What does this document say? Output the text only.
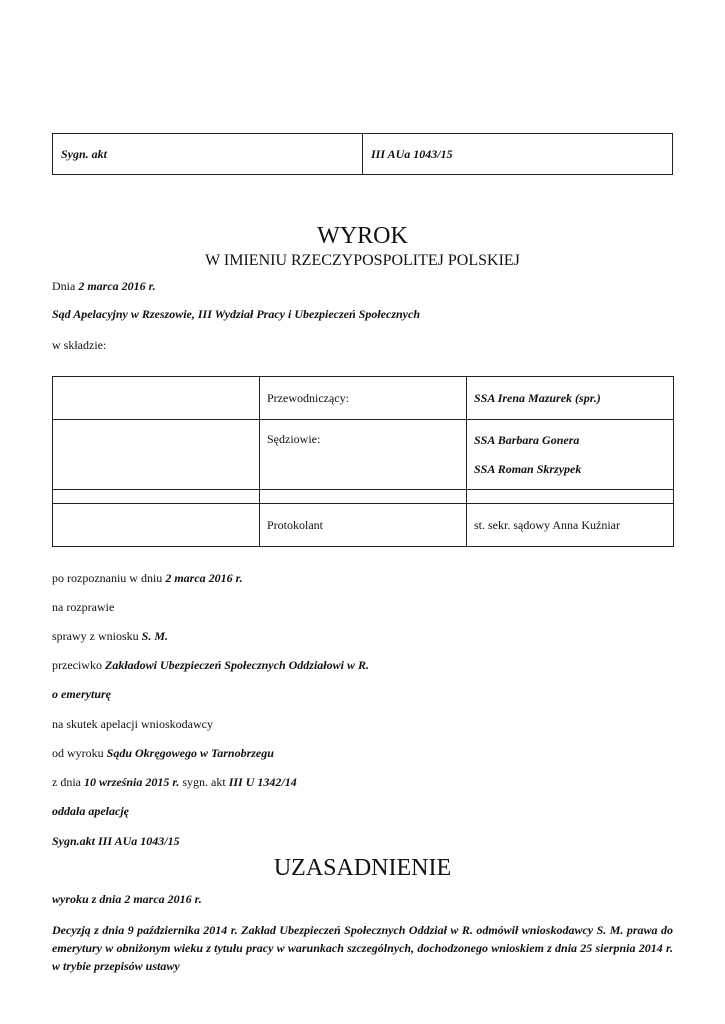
Sygn. akt	III AUa 1043/15
WYROK
W IMIENIU RZECZYPOSPOLITEJ POLSKIEJ
Dnia 2 marca 2016 r.
Sąd Apelacyjny w Rzeszowie, III Wydział Pracy i Ubezpieczeń Społecznych
w składzie:
	Przewodniczący:	SSA Irena Mazurek (spr.)
	Sędziowie:	SSA Barbara Gonera
SSA Roman Skrzypek

	Protokolant	st. sekr. sądowy Anna Kuźniar
po rozpoznaniu w dniu 2 marca 2016 r.
na rozprawie
sprawy z wniosku S. M.
przeciwko Zakładowi Ubezpieczeń Społecznych Oddziałowi w R.
o emeryturę
na skutek apelacji wnioskodawcy
od wyroku Sądu Okręgowego w Tarnobrzegu
z dnia 10 września 2015 r. sygn. akt III U 1342/14
oddala apelację
Sygn.akt III AUa 1043/15
UZASADNIENIE
wyroku z dnia 2 marca 2016 r.
Decyzją z dnia 9 października 2014 r. Zakład Ubezpieczeń Społecznych Oddział w R. odmówił wnioskodawcy S. M. prawa do emerytury w obniżonym wieku z tytułu pracy w warunkach szczególnych, dochodzonego wnioskiem z dnia 25 sierpnia 2014 r. w trybie przepisów ustawy
